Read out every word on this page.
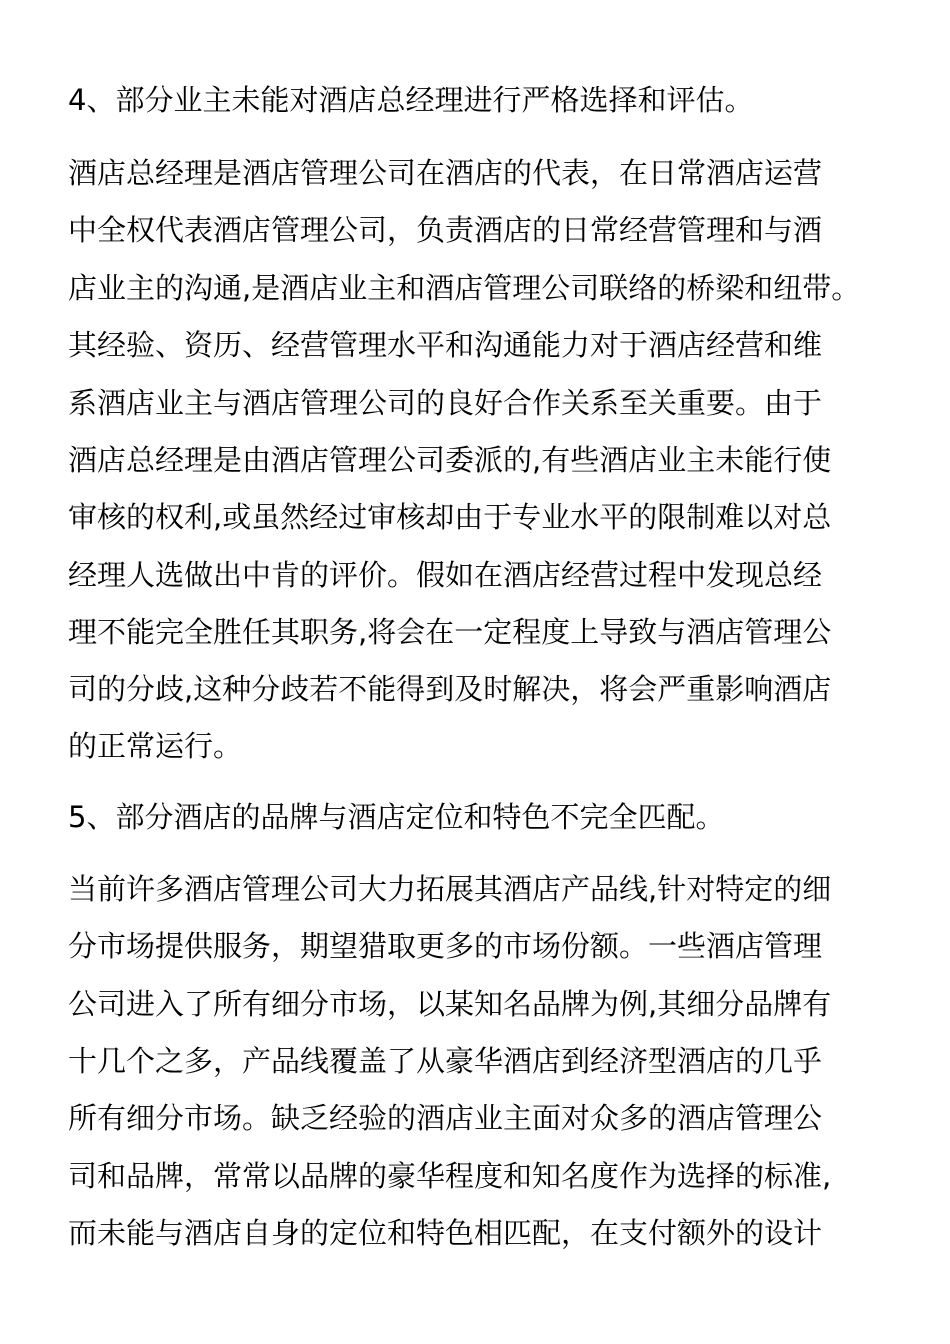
4、部分业主未能对酒店总经理进行严格选择和评估。
酒店总经理是酒店管理公司在酒店的代表，在日常酒店运营
中全权代表酒店管理公司，负责酒店的日常经营管理和与酒
店业主的沟通,是酒店业主和酒店管理公司联络的桥梁和纽带。
其经验、资历、经营管理水平和沟通能力对于酒店经营和维
系酒店业主与酒店管理公司的良好合作关系至关重要。由于
酒店总经理是由酒店管理公司委派的,有些酒店业主未能行使
审核的权利,或虽然经过审核却由于专业水平的限制难以对总
经理人选做出中肯的评价。假如在酒店经营过程中发现总经
理不能完全胜任其职务,将会在一定程度上导致与酒店管理公
司的分歧,这种分歧若不能得到及时解决，将会严重影响酒店
的正常运行。
5、部分酒店的品牌与酒店定位和特色不完全匹配。
当前许多酒店管理公司大力拓展其酒店产品线,针对特定的细
分市场提供服务，期望猎取更多的市场份额。一些酒店管理
公司进入了所有细分市场，以某知名品牌为例,其细分品牌有
十几个之多，产品线覆盖了从豪华酒店到经济型酒店的几乎
所有细分市场。缺乏经验的酒店业主面对众多的酒店管理公
司和品牌，常常以品牌的豪华程度和知名度作为选择的标准,
而未能与酒店自身的定位和特色相匹配，在支付额外的设计
